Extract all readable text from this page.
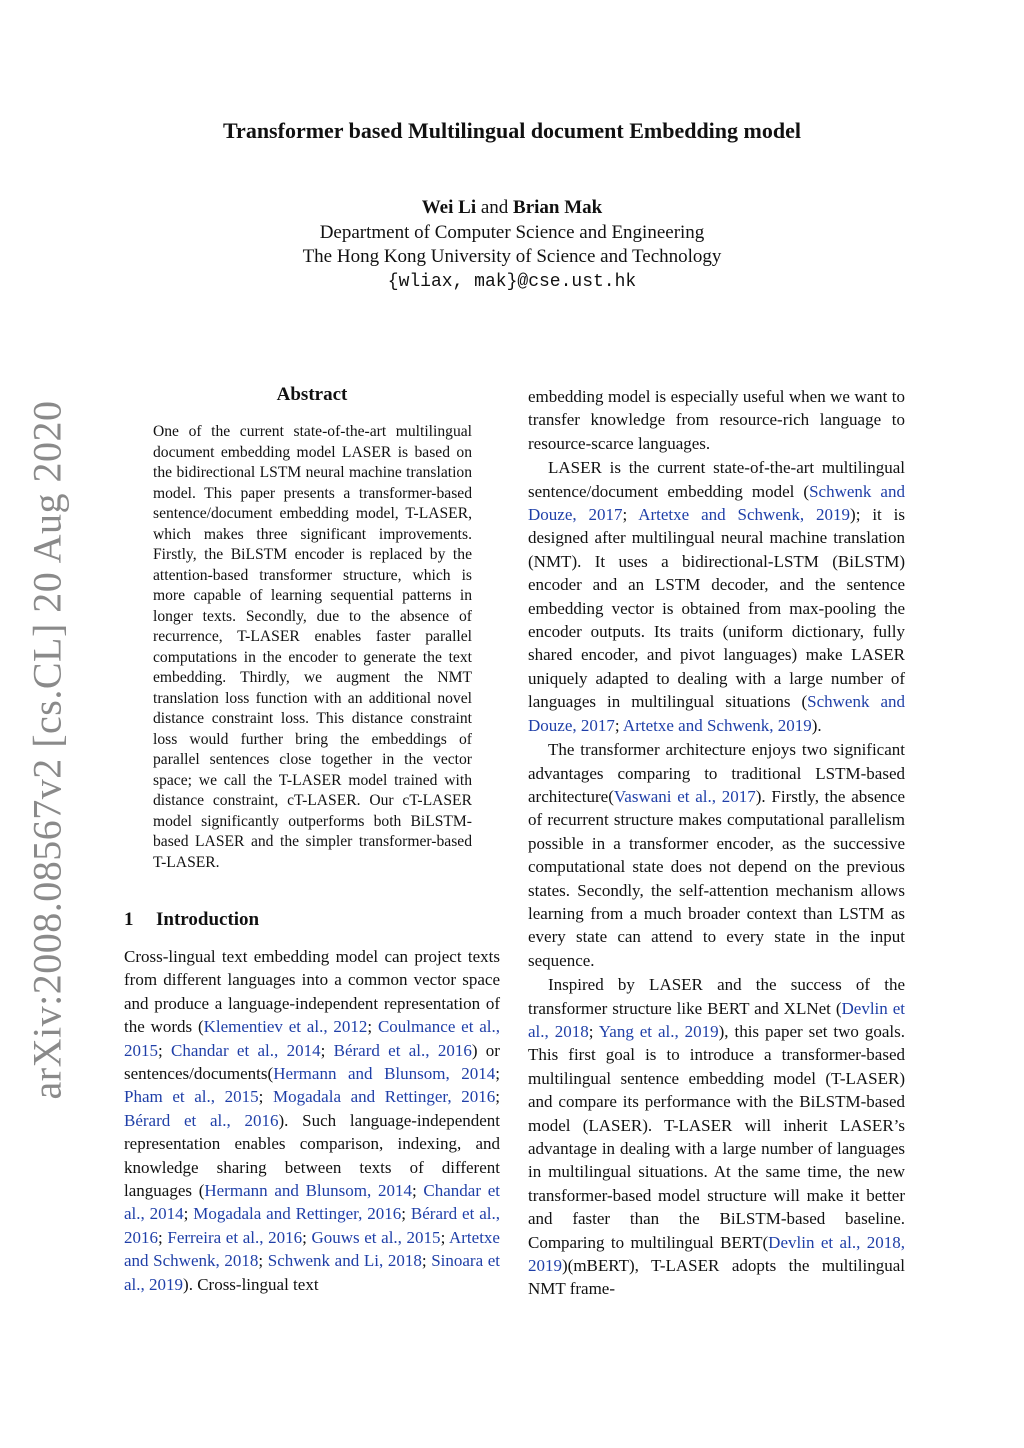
arXiv:2008.08567v2 [cs.CL] 20 Aug 2020
Transformer based Multilingual document Embedding model
Wei Li and Brian Mak
Department of Computer Science and Engineering
The Hong Kong University of Science and Technology
{wliax, mak}@cse.ust.hk
Abstract
One of the current state-of-the-art multilingual document embedding model LASER is based on the bidirectional LSTM neural machine translation model. This paper presents a transformer-based sentence/document embedding model, T-LASER, which makes three significant improvements. Firstly, the BiLSTM encoder is replaced by the attention-based transformer structure, which is more capable of learning sequential patterns in longer texts. Secondly, due to the absence of recurrence, T-LASER enables faster parallel computations in the encoder to generate the text embedding. Thirdly, we augment the NMT translation loss function with an additional novel distance constraint loss. This distance constraint loss would further bring the embeddings of parallel sentences close together in the vector space; we call the T-LASER model trained with distance constraint, cT-LASER. Our cT-LASER model significantly outperforms both BiLSTM-based LASER and the simpler transformer-based T-LASER.
1 Introduction

Cross-lingual text embedding model can project texts from different languages into a common vector space and produce a language-independent representation of the words (Klementiev et al., 2012; Coulmance et al., 2015; Chandar et al., 2014; Bérard et al., 2016) or sentences/documents(Hermann and Blunsom, 2014; Pham et al., 2015; Mogadala and Rettinger, 2016; Bérard et al., 2016). Such language-independent representation enables comparison, indexing, and knowledge sharing between texts of different languages (Hermann and Blunsom, 2014; Chandar et al., 2014; Mogadala and Rettinger, 2016; Bérard et al., 2016; Ferreira et al., 2016; Gouws et al., 2015; Artetxe and Schwenk, 2018; Schwenk and Li, 2018; Sinoara et al., 2019). Cross-lingual text

embedding model is especially useful when we want to transfer knowledge from resource-rich language to resource-scarce languages.

LASER is the current state-of-the-art multilingual sentence/document embedding model (Schwenk and Douze, 2017; Artetxe and Schwenk, 2019); it is designed after multilingual neural machine translation (NMT). It uses a bidirectional-LSTM (BiLSTM) encoder and an LSTM decoder, and the sentence embedding vector is obtained from max-pooling the encoder outputs. Its traits (uniform dictionary, fully shared encoder, and pivot languages) make LASER uniquely adapted to dealing with a large number of languages in multilingual situations (Schwenk and Douze, 2017; Artetxe and Schwenk, 2019).

The transformer architecture enjoys two significant advantages comparing to traditional LSTM-based architecture(Vaswani et al., 2017). Firstly, the absence of recurrent structure makes computational parallelism possible in a transformer encoder, as the successive computational state does not depend on the previous states. Secondly, the self-attention mechanism allows learning from a much broader context than LSTM as every state can attend to every state in the input sequence.

Inspired by LASER and the success of the transformer structure like BERT and XLNet (Devlin et al., 2018; Yang et al., 2019), this paper set two goals. This first goal is to introduce a transformer-based multilingual sentence embedding model (T-LASER) and compare its performance with the BiLSTM-based model (LASER). T-LASER will inherit LASER’s advantage in dealing with a large number of languages in multilingual situations. At the same time, the new transformer-based model structure will make it better and faster than the BiLSTM-based baseline. Comparing to multilingual BERT(Devlin et al., 2018, 2019)(mBERT), T-LASER adopts the multilingual NMT frame-
